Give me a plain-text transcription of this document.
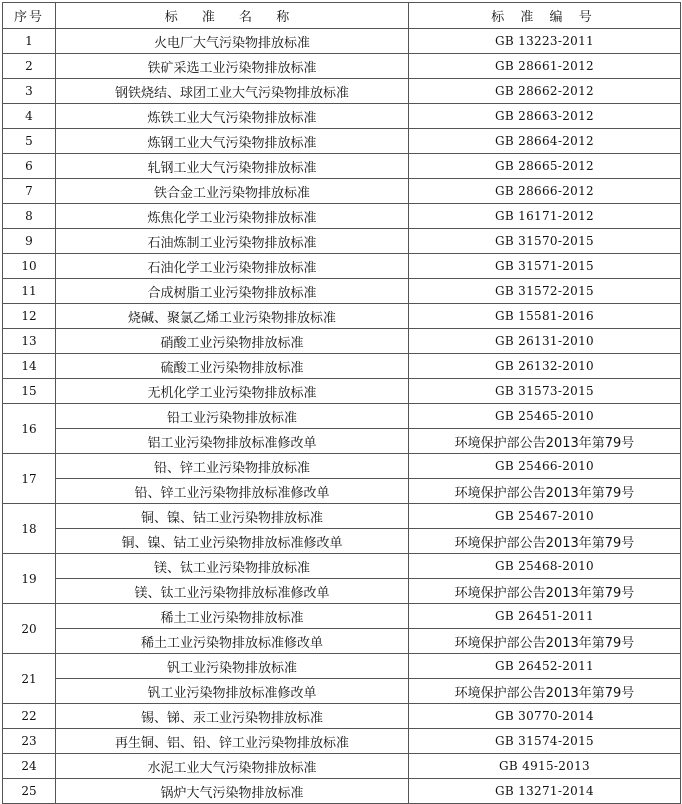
序号	标 准 名 称	标 准 编 号
1	火电厂大气污染物排放标准	GB 13223-2011
2	铁矿采选工业污染物排放标准	GB 28661-2012
3	钢铁烧结、球团工业大气污染物排放标准	GB 28662-2012
4	炼铁工业大气污染物排放标准	GB 28663-2012
5	炼钢工业大气污染物排放标准	GB 28664-2012
6	轧钢工业大气污染物排放标准	GB 28665-2012
7	铁合金工业污染物排放标准	GB 28666-2012
8	炼焦化学工业污染物排放标准	GB 16171-2012
9	石油炼制工业污染物排放标准	GB 31570-2015
10	石油化学工业污染物排放标准	GB 31571-2015
11	合成树脂工业污染物排放标准	GB 31572-2015
12	烧碱、聚氯乙烯工业污染物排放标准	GB 15581-2016
13	硝酸工业污染物排放标准	GB 26131-2010
14	硫酸工业污染物排放标准	GB 26132-2010
15	无机化学工业污染物排放标准	GB 31573-2015
16	铅工业污染物排放标准	GB 25465-2010
	铝工业污染物排放标准修改单	环境保护部公告2013年第79号
17	铅、锌工业污染物排放标准	GB 25466-2010
	铅、锌工业污染物排放标准修改单	环境保护部公告2013年第79号
18	铜、镍、钴工业污染物排放标准	GB 25467-2010
	铜、镍、钴工业污染物排放标准修改单	环境保护部公告2013年第79号
19	镁、钛工业污染物排放标准	GB 25468-2010
	镁、钛工业污染物排放标准修改单	环境保护部公告2013年第79号
20	稀土工业污染物排放标准	GB 26451-2011
	稀土工业污染物排放标准修改单	环境保护部公告2013年第79号
21	钒工业污染物排放标准	GB 26452-2011
	钒工业污染物排放标准修改单	环境保护部公告2013年第79号
22	锡、锑、汞工业污染物排放标准	GB 30770-2014
23	再生铜、铝、铅、锌工业污染物排放标准	GB 31574-2015
24	水泥工业大气污染物排放标准	GB 4915-2013
25	锅炉大气污染物排放标准	GB 13271-2014
